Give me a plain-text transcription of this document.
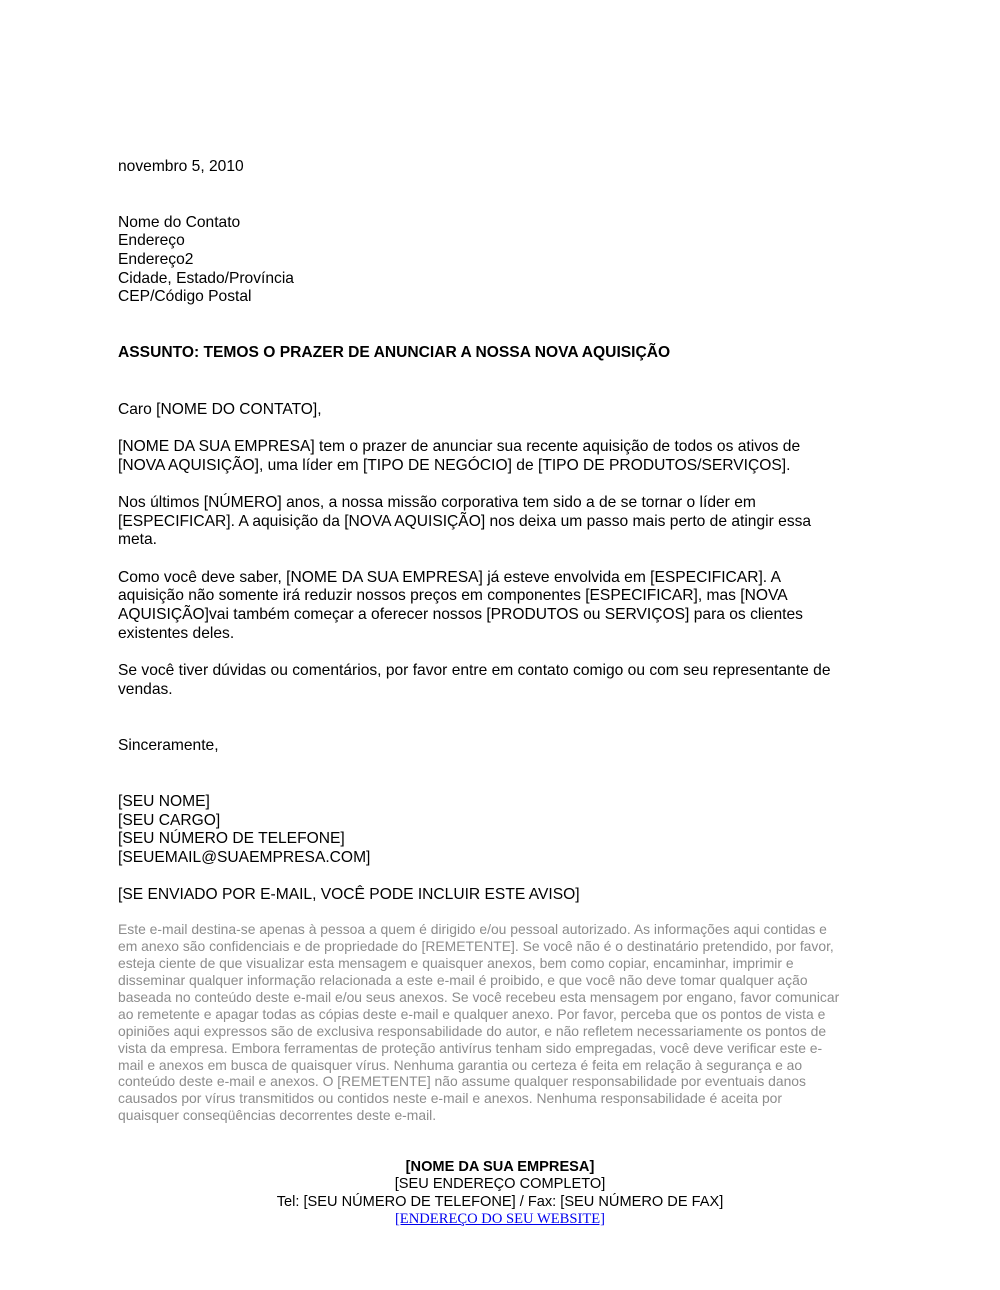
novembro 5, 2010
Nome do Contato
Endereço
Endereço2
Cidade, Estado/Província
CEP/Código Postal
ASSUNTO: TEMOS O PRAZER DE ANUNCIAR A NOSSA NOVA AQUISIÇÃO
Caro [NOME DO CONTATO],
[NOME DA SUA EMPRESA] tem o prazer de anunciar sua recente aquisição de todos os ativos de
[NOVA AQUISIÇÃO], uma líder em [TIPO DE NEGÓCIO] de [TIPO DE PRODUTOS/SERVIÇOS].
Nos últimos [NÚMERO] anos, a nossa missão corporativa tem sido a de se tornar o líder em
[ESPECIFICAR]. A aquisição da [NOVA AQUISIÇÃO] nos deixa um passo mais perto de atingir essa
meta.
Como você deve saber, [NOME DA SUA EMPRESA] já esteve envolvida em [ESPECIFICAR]. A
aquisição não somente irá reduzir nossos preços em componentes [ESPECIFICAR], mas [NOVA
AQUISIÇÃO]vai também começar a oferecer nossos [PRODUTOS ou SERVIÇOS] para os clientes
existentes deles.
Se você tiver dúvidas ou comentários, por favor entre em contato comigo ou com seu representante de
vendas.
Sinceramente,
[SEU NOME]
[SEU CARGO]
[SEU NÚMERO DE TELEFONE]
[SEUEMAIL@SUAEMPRESA.COM]
[SE ENVIADO POR E-MAIL, VOCÊ PODE INCLUIR ESTE AVISO]
Este e-mail destina-se apenas à pessoa a quem é dirigido e/ou pessoal autorizado. As informações aqui contidas e
em anexo são confidenciais e de propriedade do [REMETENTE]. Se você não é o destinatário pretendido, por favor,
esteja ciente de que visualizar esta mensagem e quaisquer anexos, bem como copiar, encaminhar, imprimir e
disseminar qualquer informação relacionada a este e-mail é proibido, e que você não deve tomar qualquer ação
baseada no conteúdo deste e-mail e/ou seus anexos. Se você recebeu esta mensagem por engano, favor comunicar
ao remetente e apagar todas as cópias deste e-mail e qualquer anexo. Por favor, perceba que os pontos de vista e
opiniões aqui expressos são de exclusiva responsabilidade do autor, e não refletem necessariamente os pontos de
vista da empresa. Embora ferramentas de proteção antivírus tenham sido empregadas, você deve verificar este e-
mail e anexos em busca de quaisquer vírus. Nenhuma garantia ou certeza é feita em relação à segurança e ao
conteúdo deste e-mail e anexos. O [REMETENTE] não assume qualquer responsabilidade por eventuais danos
causados por vírus transmitidos ou contidos neste e-mail e anexos. Nenhuma responsabilidade é aceita por
quaisquer conseqüências decorrentes deste e-mail.
[NOME DA SUA EMPRESA]
[SEU ENDEREÇO COMPLETO]
Tel: [SEU NÚMERO DE TELEFONE] / Fax: [SEU NÚMERO DE FAX]
[ENDEREÇO DO SEU WEBSITE]
